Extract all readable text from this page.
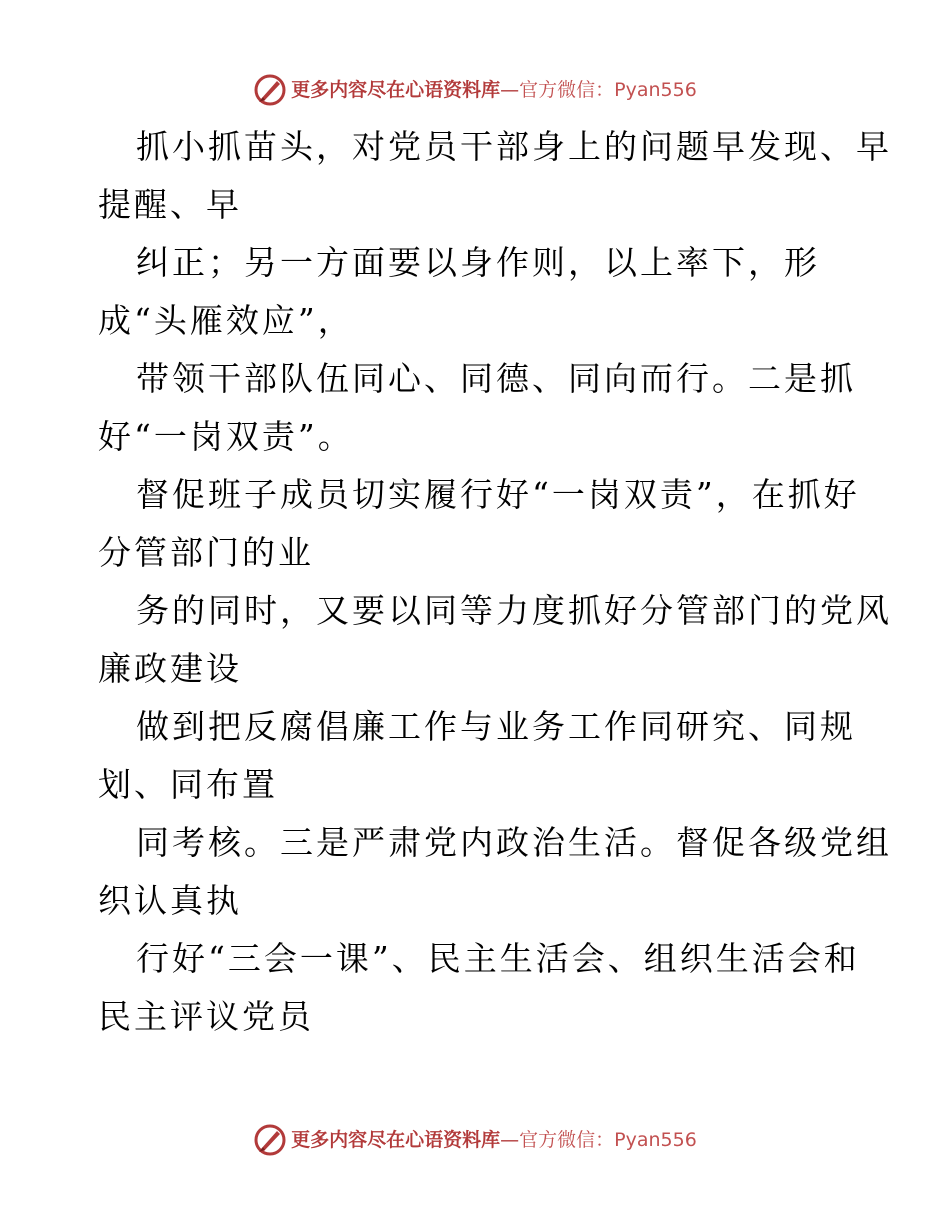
更多内容尽在心语资料库—官方微信：Pyan556
抓小抓苗头，对党员干部身上的问题早发现、早
提醒、早
纠正；另一方面要以身作则，以上率下，形
成“头雁效应”，
带领干部队伍同心、同德、同向而行。二是抓
好“一岗双责”。
督促班子成员切实履行好“一岗双责”，在抓好
分管部门的业
务的同时，又要以同等力度抓好分管部门的党风
廉政建设
做到把反腐倡廉工作与业务工作同研究、同规
划、同布置
同考核。三是严肃党内政治生活。督促各级党组
织认真执
行好“三会一课”、民主生活会、组织生活会和
民主评议党员
更多内容尽在心语资料库—官方微信：Pyan556
